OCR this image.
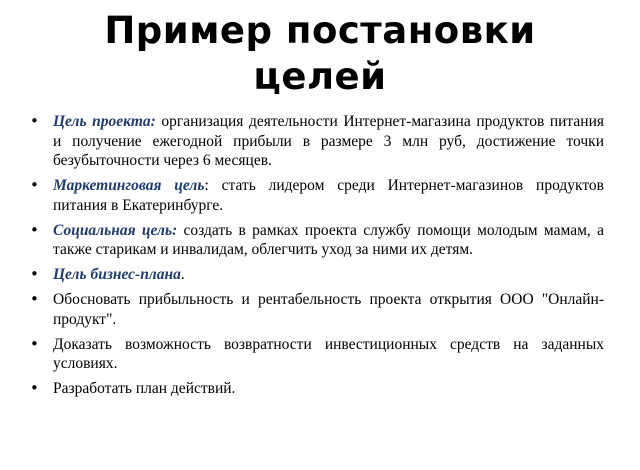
Пример постановки
целей
• Цель проекта: организация деятельности Интернет-магазина продуктов питания и получение ежегодной прибыли в размере 3 млн руб, достижение точки безубыточности через 6 месяцев.
• Маркетинговая цель: стать лидером среди Интернет-магазинов продуктов питания в Екатеринбурге.
• Социальная цель: создать в рамках проекта службу помощи молодым мамам, а также старикам и инвалидам, облегчить уход за ними их детям.
• Цель бизнес-плана.
• Обосновать прибыльность и рентабельность проекта открытия ООО "Онлайн-продукт".
• Доказать возможность возвратности инвестиционных средств на заданных условиях.
• Разработать план действий.
